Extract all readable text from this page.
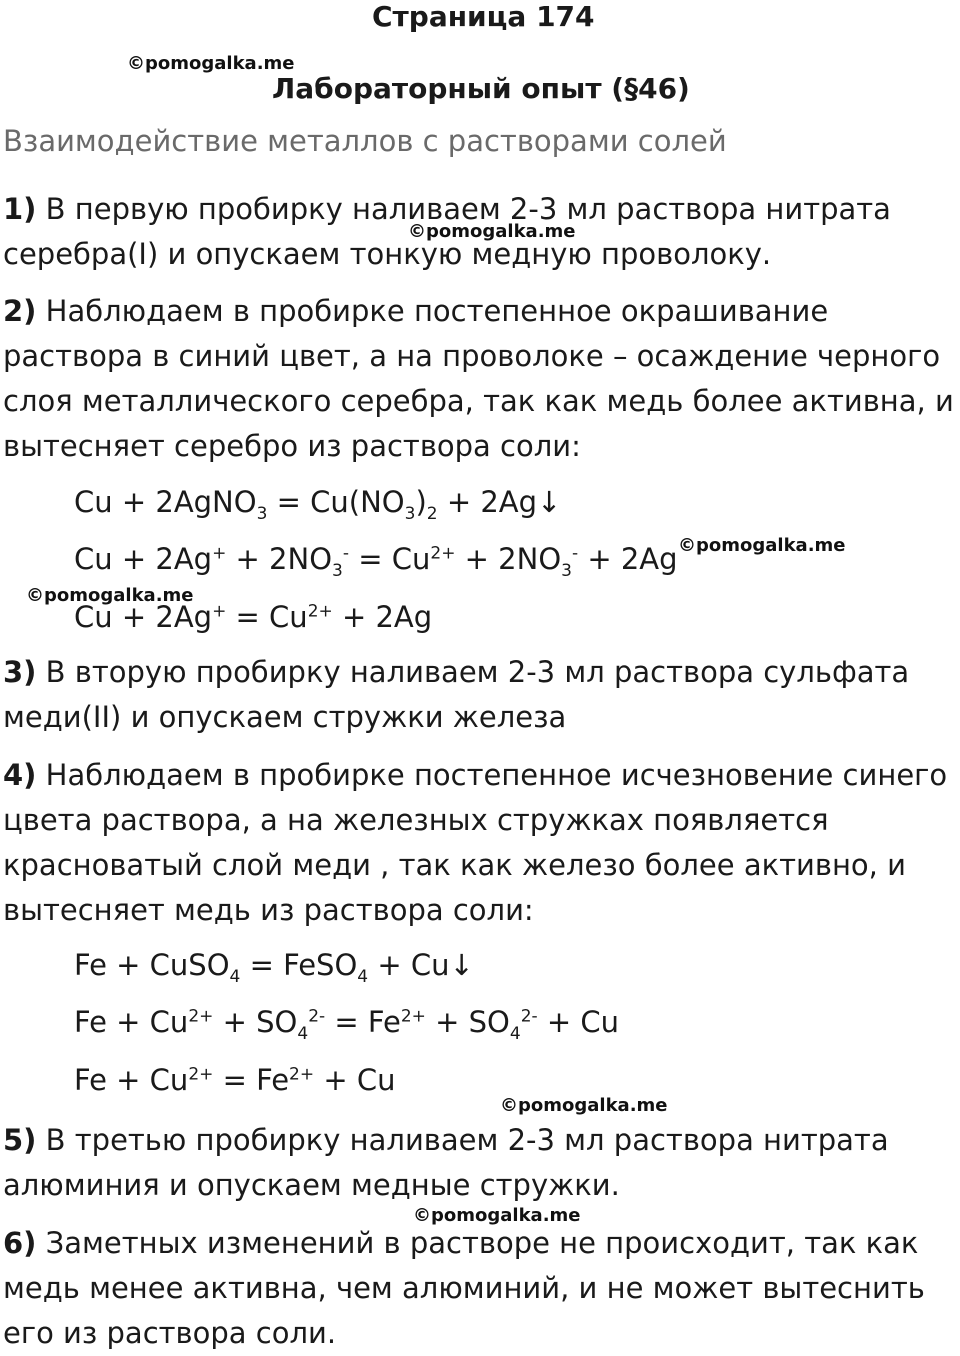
Страница 174
©pomogalka.me
Лабораторный опыт (§46)
Взаимодействие металлов с растворами солей
1) В первую пробирку наливаем 2-3 мл раствора нитрата серебра(I) и опускаем тонкую медную проволоку.
©pomogalka.me
2) Наблюдаем в пробирке постепенное окрашивание раствора в синий цвет, а на проволоке – осаждение черного слоя металлического серебра, так как медь более активна, и вытесняет серебро из раствора соли:
Cu + 2AgNO$_3$ = $Cu(NO_3)_2$ + 2Ag↓
$Cu + 2Ag^+ + 2NO_3^- = Cu^{2+} + 2NO_3^- + 2Ag$ ©pomogalka.me
©pomogalka.me
$Cu + 2Ag^+ = Cu^{2+} + 2Ag$
3) В вторую пробирку наливаем 2-3 мл раствора сульфата меди(II) и опускаем стружки железа
4) Наблюдаем в пробирке постепенное исчезновение синего цвета раствора, а на железных стружках появляется красноватый слой меди , так как железо более активно, и вытесняет медь из раствора соли:
Fe + CuSO$_4$ = FeSO$_4$ + Cu↓
$Fe + Cu^{2+} + SO_4^{2-} = Fe^{2+} + SO_4^{2-} + Cu$
$Fe + Cu^{2+} = Fe^{2+} + Cu$
©pomogalka.me
5) В третью пробирку наливаем 2-3 мл раствора нитрата алюминия и опускаем медные стружки.
©pomogalka.me
6) Заметных изменений в растворе не происходит, так как медь менее активна, чем алюминий, и не может вытеснить его из раствора соли.
